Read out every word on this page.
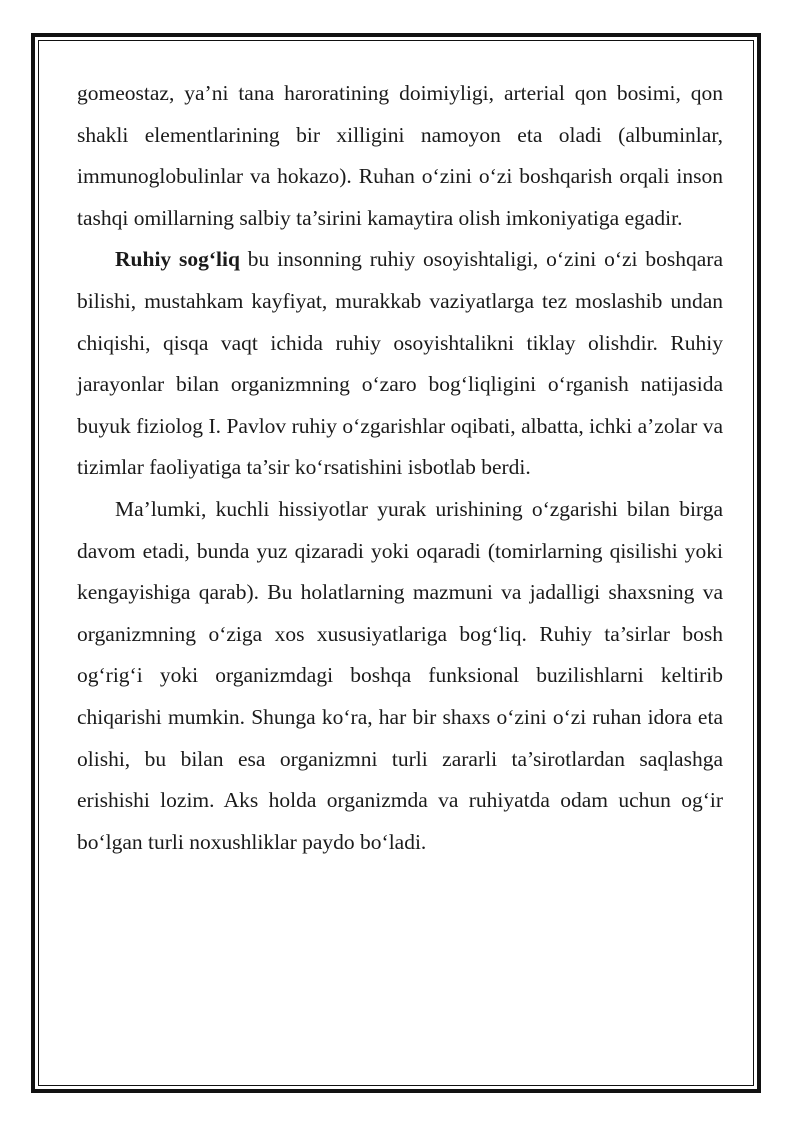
gomeostaz, ya’ni tana haroratining doimiyligi, arterial qon bosimi, qon shakli elementlarining bir xilligini namoyon eta oladi (albuminlar, immunoglobulinlar va hokazo). Ruhan o‘zini o‘zi boshqarish orqali inson tashqi omillarning salbiy ta’sirini kamaytira olish imkoniyatiga egadir.

Ruhiy sog‘liq bu insonning ruhiy osoyishtaligi, o‘zini o‘zi boshqara bilishi, mustahkam kayfiyat, murakkab vaziyatlarga tez moslashib undan chiqishi, qisqa vaqt ichida ruhiy osoyishtalikni tiklay olishdir. Ruhiy jarayonlar bilan organizmning o‘zaro bog‘liqligini o‘rganish natijasida buyuk fiziolog I. Pavlov ruhiy o‘zgarishlar oqibati, albatta, ichki a’zolar va tizimlar faoliyatiga ta’sir ko‘rsatishini isbotlab berdi.

Ma’lumki, kuchli hissiyotlar yurak urishining o‘zgarishi bilan birga davom etadi, bunda yuz qizaradi yoki oqaradi (tomirlarning qisilishi yoki kengayishiga qarab). Bu holatlarning mazmuni va jadalligi shaxsning va organizmning o‘ziga xos xususiyatlariga bog‘liq. Ruhiy ta’sirlar bosh og‘rig‘i yoki organizmdagi boshqa funksional buzilishlarni keltirib chiqarishi mumkin. Shunga ko‘ra, har bir shaxs o‘zini o‘zi ruhan idora eta olishi, bu bilan esa organizmni turli zararli ta’sirotlardan saqlashga erishishi lozim. Aks holda organizmda va ruhiyatda odam uchun og‘ir bo‘lgan turli noxushliklar paydo bo‘ladi.
